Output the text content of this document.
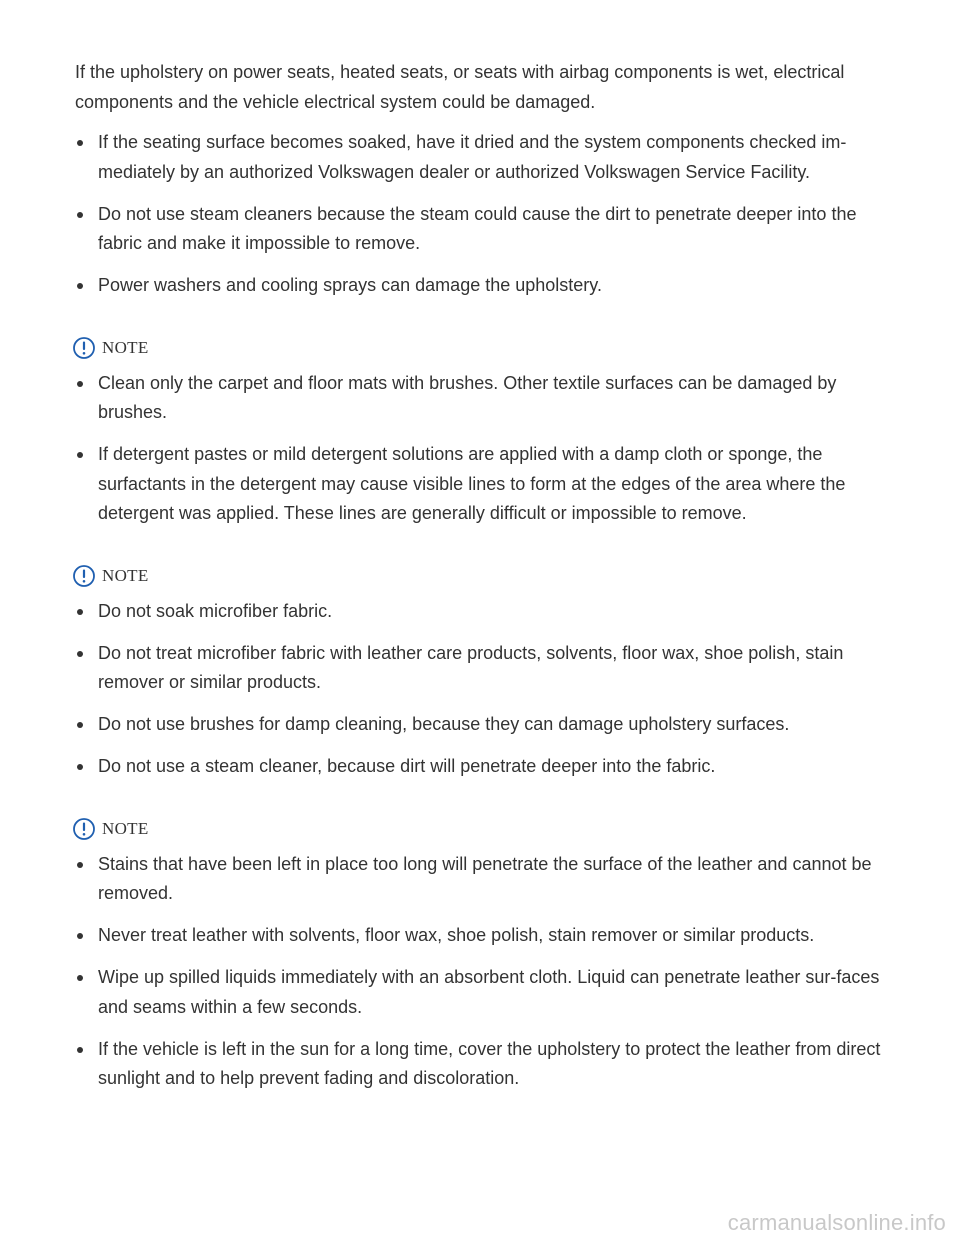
If the upholstery on power seats, heated seats, or seats with airbag components is wet, electrical components and the vehicle electrical system could be damaged.

If the seating surface becomes soaked, have it dried and the system components checked im-mediately by an authorized Volkswagen dealer or authorized Volkswagen Service Facility.
Do not use steam cleaners because the steam could cause the dirt to penetrate deeper into the fabric and make it impossible to remove.
Power washers and cooling sprays can damage the upholstery.
NOTE
Clean only the carpet and floor mats with brushes. Other textile surfaces can be damaged by brushes.
If detergent pastes or mild detergent solutions are applied with a damp cloth or sponge, the surfactants in the detergent may cause visible lines to form at the edges of the area where the detergent was applied. These lines are generally difficult or impossible to remove.
NOTE
Do not soak microfiber fabric.
Do not treat microfiber fabric with leather care products, solvents, floor wax, shoe polish, stain remover or similar products.
Do not use brushes for damp cleaning, because they can damage upholstery surfaces.
Do not use a steam cleaner, because dirt will penetrate deeper into the fabric.
NOTE
Stains that have been left in place too long will penetrate the surface of the leather and cannot be removed.
Never treat leather with solvents, floor wax, shoe polish, stain remover or similar products.
Wipe up spilled liquids immediately with an absorbent cloth. Liquid can penetrate leather sur-faces and seams within a few seconds.
If the vehicle is left in the sun for a long time, cover the upholstery to protect the leather from direct sunlight and to help prevent fading and discoloration.
carmanualsonline.info
